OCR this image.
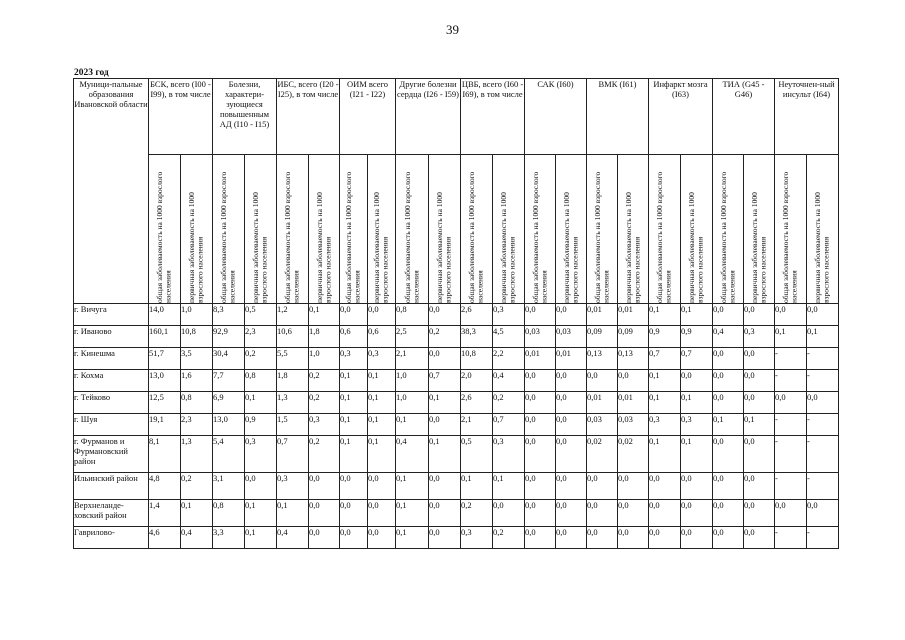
39
2023 год
Муници-пальные образования Ивановской области	БСК, всего (I00 - I99), в том числе		Болезни, характери-зующиеся повышенным АД (I10 - I15)		ИБС, всего (I20 - I25), в том числе		ОИМ всего (I21 - I22)		Другие болезни сердца (I26 - I59)		ЦВБ, всего (I60 - I69), в том числе		САК (I60)		ВМК (I61)		Инфаркт мозга (I63)		ТИА (G45 - G46)		Неуточнен-ный инсульт (I64)	

	общая заболеваемость на 1000 взрослого населения	первичная заболеваемость на 1000 взрослого населения	общая заболеваемость на 1000 взрослого населения	первичная заболеваемость на 1000 взрослого населения	общая заболеваемость на 1000 взрослого населения	первичная заболеваемость на 1000 взрослого населения	общая заболеваемость на 1000 взрослого населения	первичная заболеваемость на 1000 взрослого населения	общая заболеваемость на 1000 взрослого населения	первичная заболеваемость на 1000 взрослого населения	общая заболеваемость на 1000 взрослого населения	первичная заболеваемость на 1000 взрослого населения	общая заболеваемость на 1000 взрослого населения	первичная заболеваемость на 1000 взрослого населения	общая заболеваемость на 1000 взрослого населения	первичная заболеваемость на 1000 взрослого населения	общая заболеваемость на 1000 взрослого населения	первичная заболеваемость на 1000 взрослого населения	общая заболеваемость на 1000 взрослого населения	первичная заболеваемость на 1000 взрослого населения	общая заболеваемость на 1000 взрослого населения	первичная заболеваемость на 1000 взрослого населения

г. Вичуга	14,0	1,0	8,3	0,5	1,2	0,1	0,0	0,0	0,8	0,0	2,6	0,3	0,0	0,0	0,01	0,01	0,1	0,1	0,0	0,0	0,0	0,0
г. Иваново	160,1	10,8	92,9	2,3	10,6	1,8	0,6	0,6	2,5	0,2	38,3	4,5	0,03	0,03	0,09	0,09	0,9	0,9	0,4	0,3	0,1	0,1
г. Кинешма	51,7	3,5	30,4	0,2	5,5	1,0	0,3	0,3	2,1	0,0	10,8	2,2	0,01	0,01	0,13	0,13	0,7	0,7	0,0	0,0	-	-
г. Кохма	13,0	1,6	7,7	0,8	1,8	0,2	0,1	0,1	1,0	0,7	2,0	0,4	0,0	0,0	0,0	0,0	0,1	0,0	0,0	0,0	-	-
г. Тейково	12,5	0,8	6,9	0,1	1,3	0,2	0,1	0,1	1,0	0,1	2,6	0,2	0,0	0,0	0,01	0,01	0,1	0,1	0,0	0,0	0,0	0,0
г. Шуя	19,1	2,3	13,0	0,9	1,5	0,3	0,1	0,1	0,1	0,0	2,1	0,7	0,0	0,0	0,03	0,03	0,3	0,3	0,1	0,1	-	-
г. Фурманов и Фурмановский район	8,1	1,3	5,4	0,3	0,7	0,2	0,1	0,1	0,4	0,1	0,5	0,3	0,0	0,0	0,02	0,02	0,1	0,1	0,0	0,0	-	-
Ильинский район	4,8	0,2	3,1	0,0	0,3	0,0	0,0	0,0	0,1	0,0	0,1	0,1	0,0	0,0	0,0	0,0	0,0	0,0	0,0	0,0	-	-
Верхнеланде-ховский район	1,4	0,1	0,8	0,1	0,1	0,0	0,0	0,0	0,1	0,0	0,2	0,0	0,0	0,0	0,0	0,0	0,0	0,0	0,0	0,0	0,0	0,0
Гаврилово-	4,6	0,4	3,3	0,1	0,4	0,0	0,0	0,0	0,1	0,0	0,3	0,2	0,0	0,0	0,0	0,0	0,0	0,0	0,0	0,0	-	-
